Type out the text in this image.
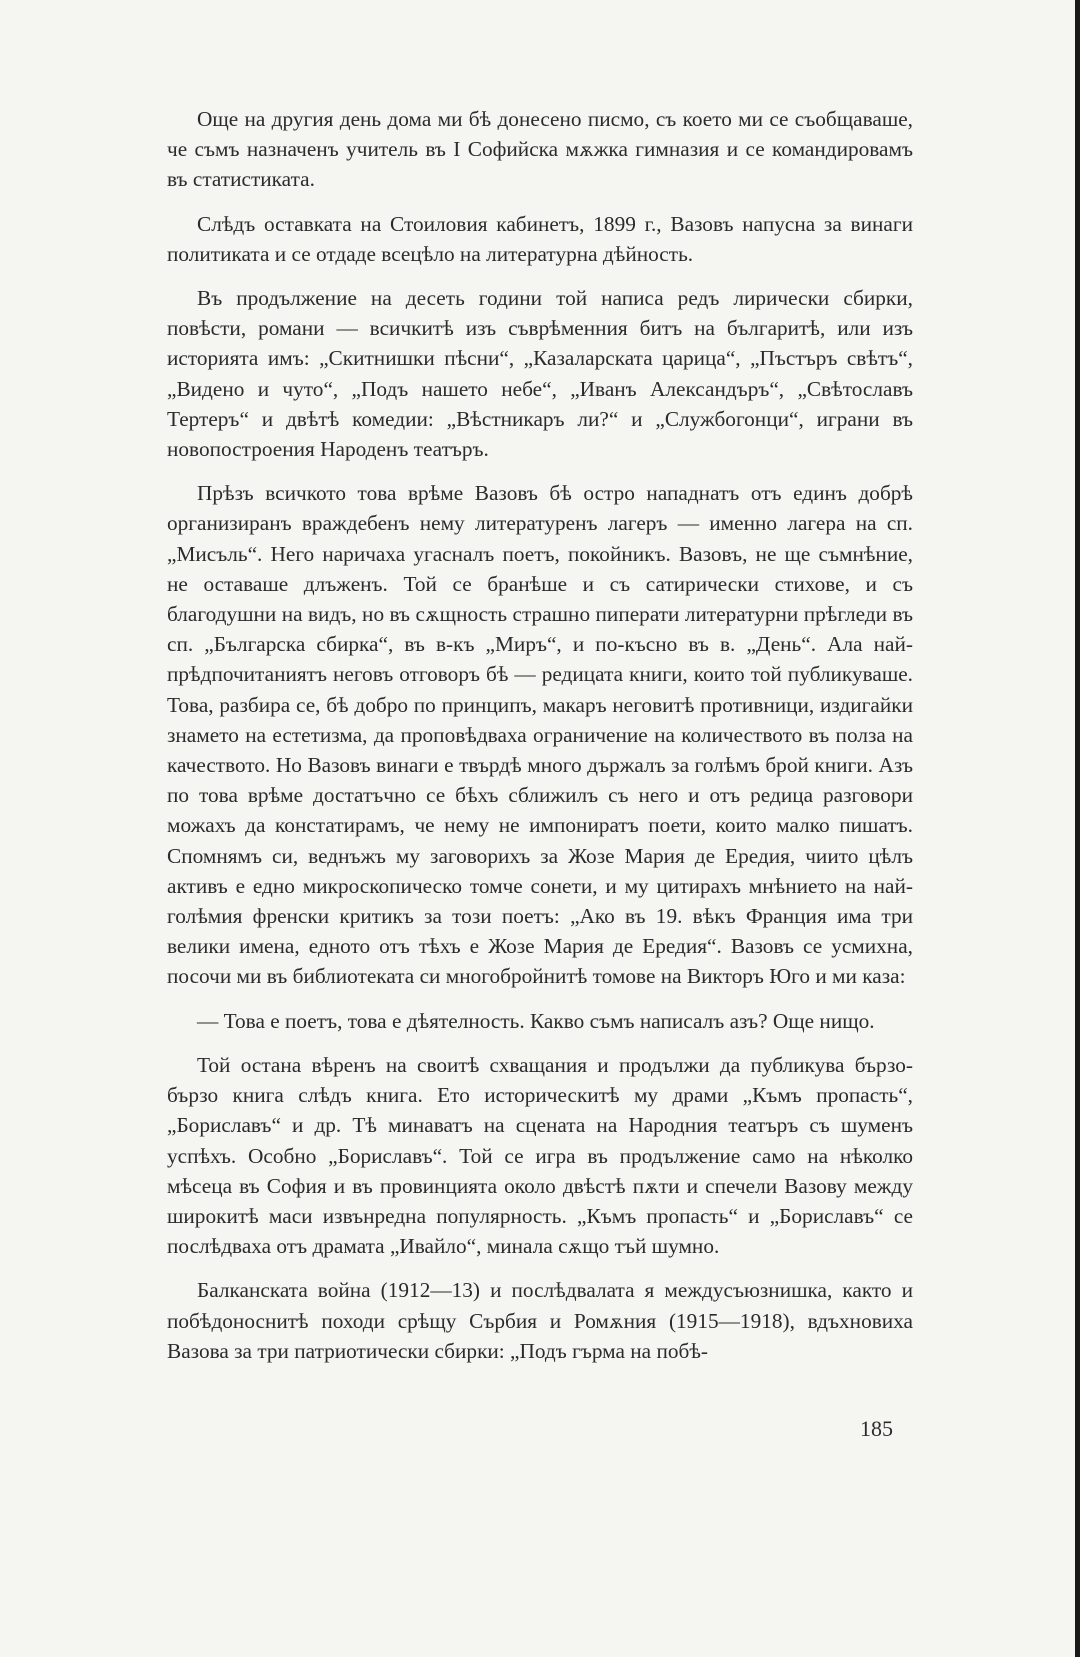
Още на другия день дома ми бѣ донесено писмо, съ което ми се съобщаваше, че съмъ назначенъ учитель въ I Софийска мѫжка гимназия и се командировамъ въ статистиката.

Слѣдъ оставката на Стоиловия кабинетъ, 1899 г., Вазовъ напусна за винаги политиката и се отдаде всецѣло на литературна дѣйность.

Въ продължение на десеть години той написа редъ лирически сбирки, повѣсти, романи — всичкитѣ изъ съврѣменния битъ на българитѣ, или изъ историята имъ: „Скитнишки пѣсни“, „Казаларската царица“, „Пъстъръ свѣтъ“, „Видено и чуто“, „Подъ нашето небе“, „Иванъ Александъръ“, „Свѣтославъ Тертеръ“ и двѣтѣ комедии: „Вѣстникаръ ли?“ и „Службогонци“, играни въ новопостроения Народенъ театъръ.

Прѣзъ всичкото това врѣме Вазовъ бѣ остро нападнатъ отъ единъ добрѣ организиранъ враждебенъ нему литературенъ лагеръ — именно лагера на сп. „Мисъль“. Него наричаха угасналъ поетъ, покойникъ. Вазовъ, не ще съмнѣние, не оставаше длъженъ. Той се бранѣше и съ сатирически стихове, и съ благодушни на видъ, но въ сѫщность страшно пиперати литературни прѣгледи въ сп. „Българска сбирка“, въ в-къ „Миръ“, и по-късно въ в. „День“. Ала най-прѣдпочитаниятъ неговъ отговоръ бѣ — редицата книги, които той публикуваше. Това, разбира се, бѣ добро по принципъ, макаръ неговитѣ противници, издигайки знамето на естетизма, да проповѣдваха ограничение на количеството въ полза на качеството. Но Вазовъ винаги е твърдѣ много държалъ за голѣмъ брой книги. Азъ по това врѣме достатъчно се бѣхъ сближилъ съ него и отъ редица разговори можахъ да констатирамъ, че нему не импониратъ поети, които малко пишатъ. Спомнямъ си, веднъжъ му заговорихъ за Жозе Мария де Ередия, чиито цѣлъ активъ е едно микроскопическо томче сонети, и му цитирахъ мнѣнието на най-голѣмия френски критикъ за този поетъ: „Ако въ 19. вѣкъ Франция има три велики имена, едното отъ тѣхъ е Жозе Мария де Ередия“. Вазовъ се усмихна, посочи ми въ библиотеката си многобройнитѣ томове на Викторъ Юго и ми каза:

— Това е поетъ, това е дѣятелность. Какво съмъ написалъ азъ? Още нищо.

Той остана вѣренъ на своитѣ схващания и продължи да публикува бързо-бързо книга слѣдъ книга. Ето историческитѣ му драми „Къмъ пропасть“, „Бориславъ“ и др. Тѣ минаватъ на сцената на Народния театъръ съ шуменъ успѣхъ. Особно „Бориславъ“. Той се игра въ продължение само на нѣколко мѣсеца въ София и въ провинцията около двѣстѣ пѫти и спечели Вазову между широкитѣ маси извънредна популярность. „Къмъ пропасть“ и „Бориславъ“ се послѣдваха отъ драмата „Ивайло“, минала сѫщо тъй шумно.

Балканската война (1912—13) и послѣдвалата я междусъюзнишка, както и побѣдоноснитѣ походи срѣщу Сърбия и Ромѫния (1915—1918), вдъхновиха Вазова за три патриотически сбирки: „Подъ гърма на побѣ-

185
